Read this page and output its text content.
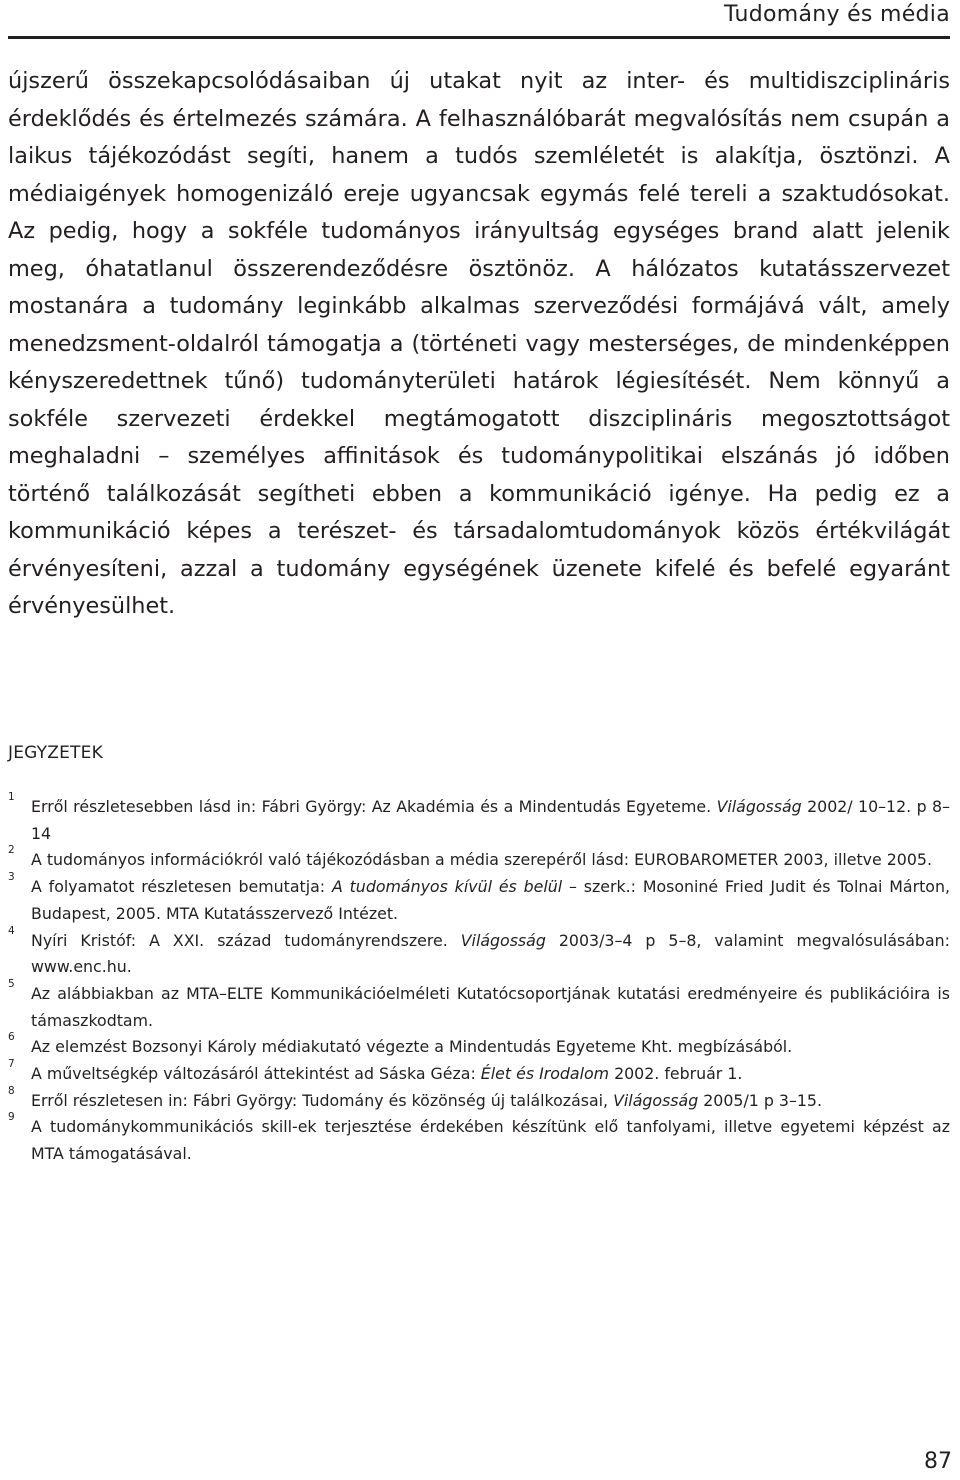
Tudomány és média

újszerű összekapcsolódásaiban új utakat nyit az inter- és multidiszciplináris érdeklődés és értelmezés számára. A felhasználóbarát megvalósítás nem csupán a laikus tájékozódást segíti, hanem a tudós szemléletét is alakítja, ösztönzi. A médiaigények homogenizáló ereje ugyancsak egymás felé tereli a szaktudósokat. Az pedig, hogy a sokféle tudományos irányultság egységes brand alatt jelenik meg, óhatatlanul összerendeződésre ösztönöz. A hálózatos kutatásszervezet mostanára a tudomány leginkább alkalmas szerveződési formájává vált, amely menedzsment-oldalról támogatja a (történeti vagy mesterséges, de mindenképpen kényszeredettnek tűnő) tudományterületi határok légiesítését. Nem könnyű a sokféle szervezeti érdekkel megtámogatott diszciplináris megosztottságot meghaladni – személyes affinitások és tudománypolitikai elszánás jó időben történő találkozását segítheti ebben a kommunikáció igénye. Ha pedig ez a kommunikáció képes a terészet- és társadalomtudományok közös értékvilágát érvényesíteni, azzal a tudomány egységének üzenete kifelé és befelé egyaránt érvényesülhet.

JEGYZETEK
1 Erről részletesebben lásd in: Fábri György: Az Akadémia és a Mindentudás Egyeteme. Világosság 2002/ 10–12. p 8–14
2 A tudományos információkról való tájékozódásban a média szerepéről lásd: EUROBAROMETER 2003, illetve 2005.
3 A folyamatot részletesen bemutatja: A tudományos kívül és belül – szerk.: Mosoniné Fried Judit és Tolnai Márton, Budapest, 2005. MTA Kutatásszervező Intézet.
4 Nyíri Kristóf: A XXI. század tudományrendszere. Világosság 2003/3–4 p 5–8, valamint megvalósulásában: www.enc.hu.
5 Az alábbiakban az MTA–ELTE Kommunikációelméleti Kutatócsoportjának kutatási eredményeire és publikációira is támaszkodtam.
6 Az elemzést Bozsonyi Károly médiakutató végezte a Mindentudás Egyeteme Kht. megbízásából.
7 A műveltségkép változásáról áttekintést ad Sáska Géza: Élet és Irodalom 2002. február 1.
8 Erről részletesen in: Fábri György: Tudomány és közönség új találkozásai, Világosság 2005/1 p 3–15.
9 A tudománykommunikációs skill-ek terjesztése érdekében készítünk elő tanfolyami, illetve egyetemi képzést az MTA támogatásával.
87
